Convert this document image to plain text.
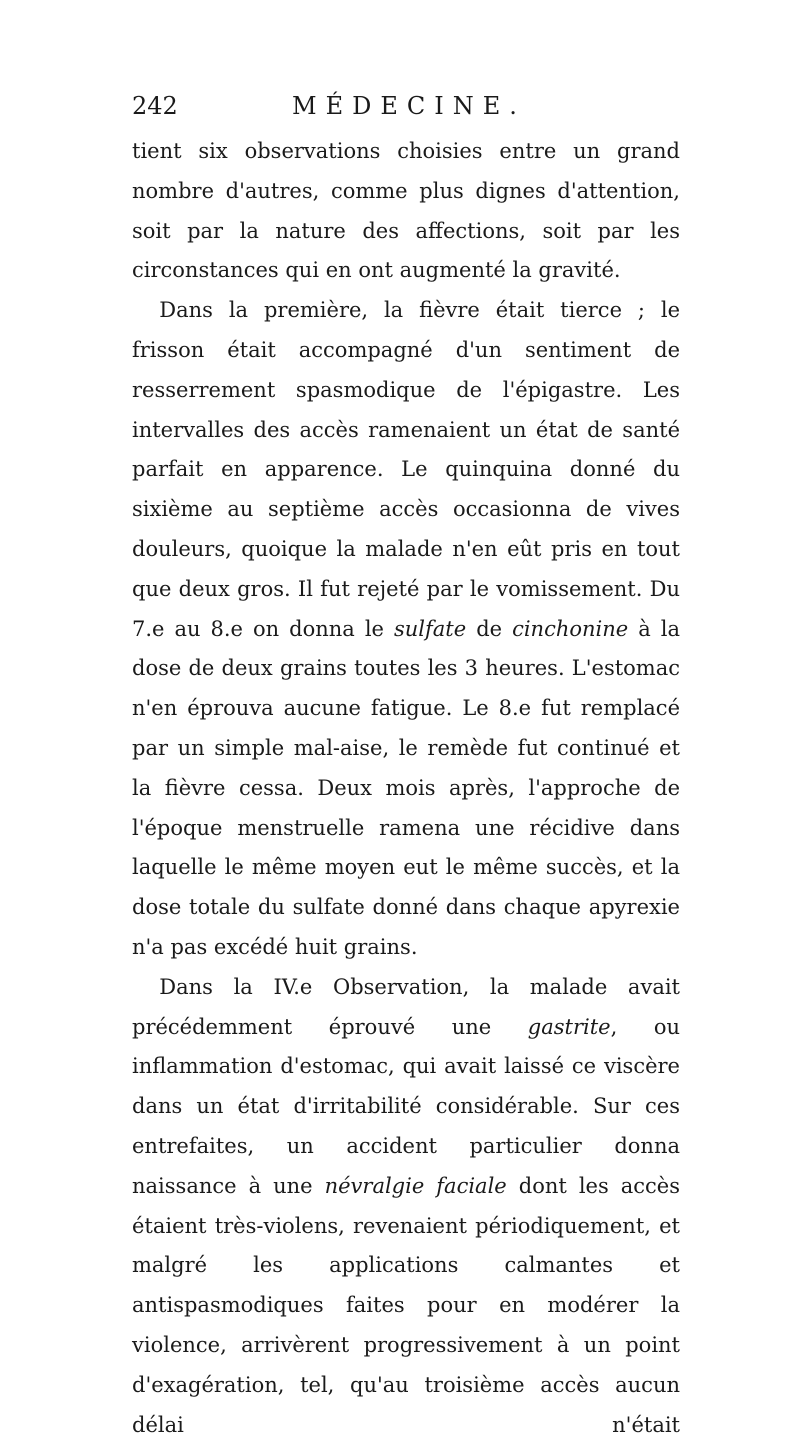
242	MÉDECINE.

tient six observations choisies entre un grand nombre d'autres, comme plus dignes d'attention, soit par la nature des affections, soit par les circonstances qui en ont augmenté la gravité.

Dans la première, la fièvre était tierce ; le frisson était accompagné d'un sentiment de resserrement spasmodique de l'épigastre. Les intervalles des accès ramenaient un état de santé parfait en apparence. Le quinquina donné du sixième au septième accès occasionna de vives douleurs, quoique la malade n'en eût pris en tout que deux gros. Il fut rejeté par le vomissement. Du 7.e au 8.e on donna le sulfate de cinchonine à la dose de deux grains toutes les 3 heures. L'estomac n'en éprouva aucune fatigue. Le 8.e fut remplacé par un simple mal-aise, le remède fut continué et la fièvre cessa. Deux mois après, l'approche de l'époque menstruelle ramena une récidive dans laquelle le même moyen eut le même succès, et la dose totale du sulfate donné dans chaque apyrexie n'a pas excédé huit grains.

Dans la IV.e Observation, la malade avait précédemment éprouvé une gastrite, ou inflammation d'estomac, qui avait laissé ce viscère dans un état d'irritabilité considérable. Sur ces entrefaites, un accident particulier donna naissance à une névralgie faciale dont les accès étaient très-violens, revenaient périodiquement, et malgré les applications calmantes et antispasmodiques faites pour en modérer la violence, arrivèrent progressivement à un point d'exagération, tel, qu'au troisième accès aucun délai n'était
